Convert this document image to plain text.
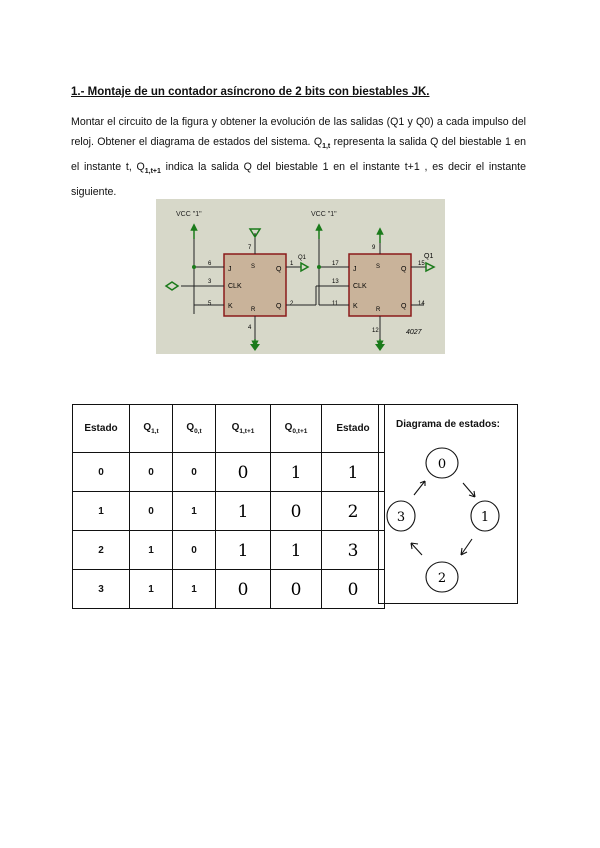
1.- Montaje de un contador asíncrono de 2 bits con biestables JK.
Montar el circuito de la figura y obtener la evolución de las salidas (Q1 y Q0) a cada impulso del reloj. Obtener el diagrama de estados del sistema. $Q_{1,t}$ representa la salida Q del biestable 1 en el instante t, $Q_{1,t+1}$ indica la salida Q del biestable 1 en el instante t+1 , es decir el instante siguiente.
VCC "1"	VCC "1"
J
CLK
K
Q
Q
S
R
J
CLK
K
Q
Q
S
R
6
3
5
7
4
1
2
17
13
11
9
12
15
14
Q1	Q1
4027
Estado	$Q_{1,t}$	$Q_{0,t}$	$Q_{1,t+1}$	$Q_{0,t+1}$	Estado
0	0	0	0	1	1

1	0	1	1	0	2

2	1	0	1	1	3

3	1	1	0	0	0
Diagrama de estados:
0
1
2
3
